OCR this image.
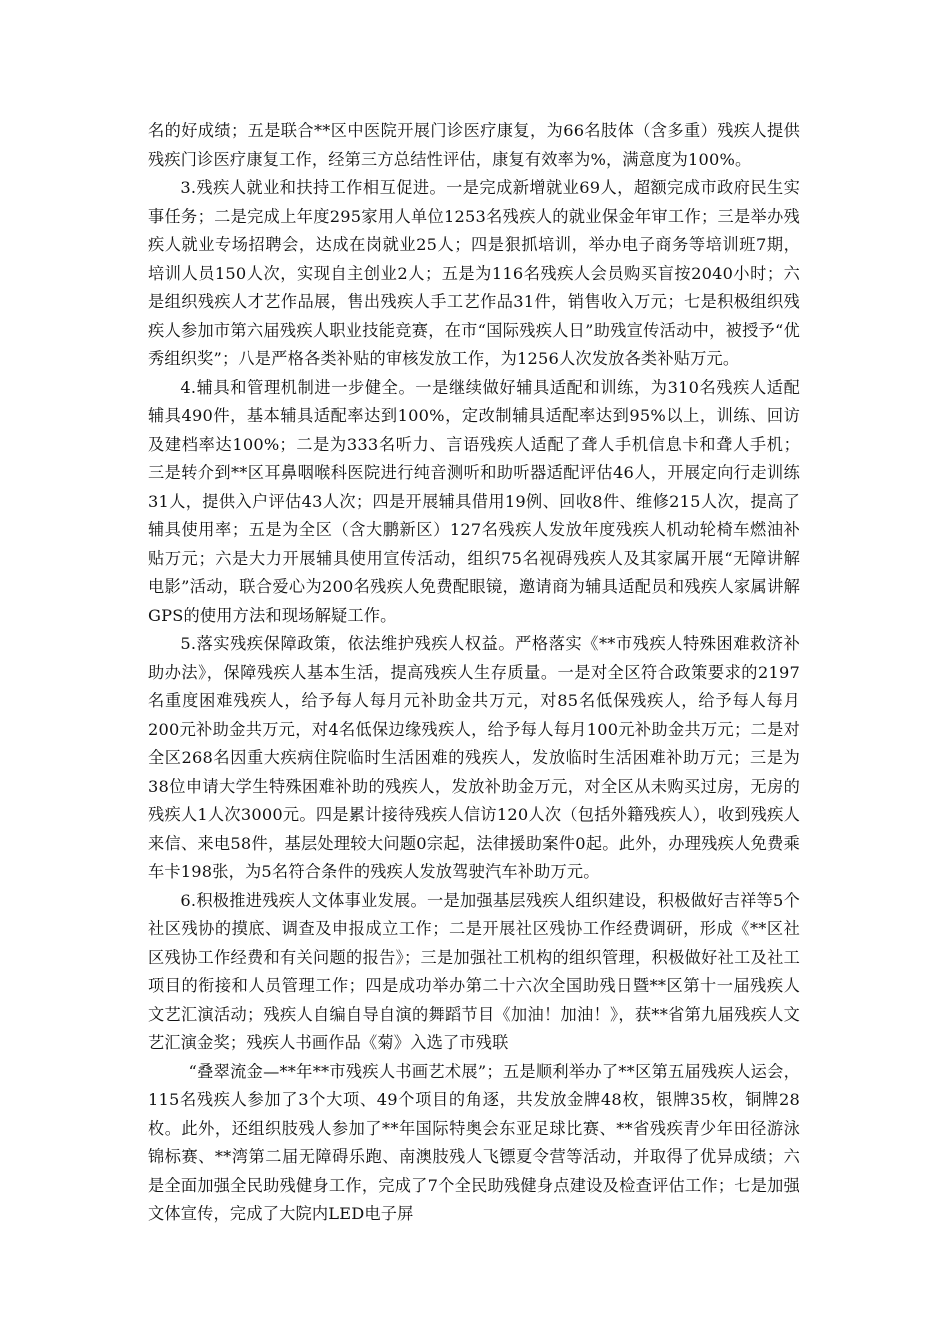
名的好成绩；五是联合**区中医院开展门诊医疗康复，为66名肢体（含多重）残疾人提供残疾门诊医疗康复工作，经第三方总结性评估，康复有效率为%，满意度为100%。

3.残疾人就业和扶持工作相互促进。一是完成新增就业69人，超额完成市政府民生实事任务；二是完成上年度295家用人单位1253名残疾人的就业保金年审工作；三是举办残疾人就业专场招聘会，达成在岗就业25人；四是狠抓培训，举办电子商务等培训班7期，培训人员150人次，实现自主创业2人；五是为116名残疾人会员购买盲按2040小时；六是组织残疾人才艺作品展，售出残疾人手工艺作品31件，销售收入万元；七是积极组织残疾人参加市第六届残疾人职业技能竞赛，在市“国际残疾人日”助残宣传活动中，被授予“优秀组织奖”；八是严格各类补贴的审核发放工作，为1256人次发放各类补贴万元。

4.辅具和管理机制进一步健全。一是继续做好辅具适配和训练，为310名残疾人适配辅具490件，基本辅具适配率达到100%，定改制辅具适配率达到95%以上，训练、回访及建档率达100%；二是为333名听力、言语残疾人适配了聋人手机信息卡和聋人手机；三是转介到**区耳鼻咽喉科医院进行纯音测听和助听器适配评估46人，开展定向行走训练31人，提供入户评估43人次；四是开展辅具借用19例、回收8件、维修215人次，提高了辅具使用率；五是为全区（含大鹏新区）127名残疾人发放年度残疾人机动轮椅车燃油补贴万元；六是大力开展辅具使用宣传活动，组织75名视碍残疾人及其家属开展“无障讲解电影”活动，联合爱心为200名残疾人免费配眼镜，邀请商为辅具适配员和残疾人家属讲解GPS的使用方法和现场解疑工作。

5.落实残疾保障政策，依法维护残疾人权益。严格落实《**市残疾人特殊困难救济补助办法》，保障残疾人基本生活，提高残疾人生存质量。一是对全区符合政策要求的2197名重度困难残疾人，给予每人每月元补助金共万元，对85名低保残疾人，给予每人每月200元补助金共万元，对4名低保边缘残疾人，给予每人每月100元补助金共万元；二是对全区268名因重大疾病住院临时生活困难的残疾人，发放临时生活困难补助万元；三是为38位申请大学生特殊困难补助的残疾人，发放补助金万元，对全区从未购买过房，无房的残疾人1人次3000元。四是累计接待残疾人信访120人次（包括外籍残疾人），收到残疾人来信、来电58件，基层处理较大问题0宗起，法律援助案件0起。此外，办理残疾人免费乘车卡198张，为5名符合条件的残疾人发放驾驶汽车补助万元。

6.积极推进残疾人文体事业发展。一是加强基层残疾人组织建设，积极做好吉祥等5个社区残协的摸底、调查及申报成立工作；二是开展社区残协工作经费调研，形成《**区社区残协工作经费和有关问题的报告》；三是加强社工机构的组织管理，积极做好社工及社工项目的衔接和人员管理工作；四是成功举办第二十六次全国助残日暨**区第十一届残疾人文艺汇演活动；残疾人自编自导自演的舞蹈节目《加油！加油！》，获**省第九届残疾人文艺汇演金奖；残疾人书画作品《菊》入选了市残联

“叠翠流金—**年**市残疾人书画艺术展”；五是顺利举办了**区第五届残疾人运会，115名残疾人参加了3个大项、49个项目的角逐，共发放金牌48枚，银牌35枚，铜牌28枚。此外，还组织肢残人参加了**年国际特奥会东亚足球比赛、**省残疾青少年田径游泳锦标赛、**湾第二届无障碍乐跑、南澳肢残人飞镖夏令营等活动，并取得了优异成绩；六是全面加强全民助残健身工作，完成了7个全民助残健身点建设及检查评估工作；七是加强文体宣传，完成了大院内LED电子屏
